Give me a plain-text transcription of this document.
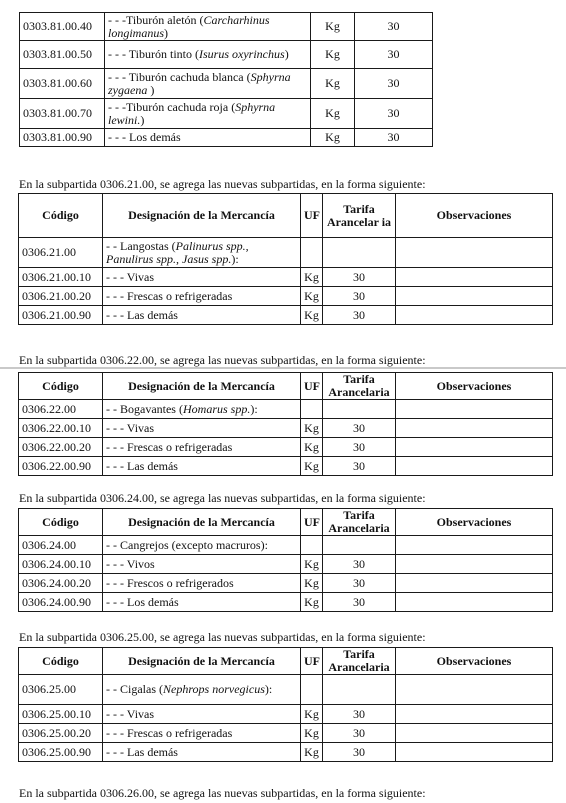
0303.81.00.40	- - -Tiburón aletón (Carcharhinus longimanus)	Kg	30
0303.81.00.50	- - - Tiburón tinto (Isurus oxyrinchus)	Kg	30
0303.81.00.60	- - - Tiburón cachuda blanca (Sphyrna zygaena )	Kg	30
0303.81.00.70	- - -Tiburón cachuda roja (Sphyrna lewini.)	Kg	30
0303.81.00.90	- - - Los demás	Kg	30
En la subpartida 0306.21.00, se agrega las nuevas subpartidas, en la forma siguiente:
Código	Designación de la Mercancía	UF	Tarifa Arancelar ia	Observaciones
0306.21.00	- - Langostas (Palinurus spp., Panulirus spp., Jasus spp.):			
0306.21.00.10	- - - Vivas	Kg	30	
0306.21.00.20	- - - Frescas o refrigeradas	Kg	30	
0306.21.00.90	- - - Las demás	Kg	30	
En la subpartida 0306.22.00, se agrega las nuevas subpartidas, en la forma siguiente:
Código	Designación de la Mercancía	UF	Tarifa Arancelaria	Observaciones
0306.22.00	- - Bogavantes (Homarus spp.):			
0306.22.00.10	- - - Vivas	Kg	30	
0306.22.00.20	- - - Frescas o refrigeradas	Kg	30	
0306.22.00.90	- - - Las demás	Kg	30	
En la subpartida 0306.24.00, se agrega las nuevas subpartidas, en la forma siguiente:
Código	Designación de la Mercancía	UF	Tarifa Arancelaria	Observaciones
0306.24.00	- - Cangrejos (excepto macruros):			
0306.24.00.10	- - - Vivos	Kg	30	
0306.24.00.20	- - - Frescos o refrigerados	Kg	30	
0306.24.00.90	- - - Los demás	Kg	30	
En la subpartida 0306.25.00, se agrega las nuevas subpartidas, en la forma siguiente:
Código	Designación de la Mercancía	UF	Tarifa Arancelaria	Observaciones
0306.25.00	- - Cigalas (Nephrops norvegicus):			
0306.25.00.10	- - - Vivas	Kg	30	
0306.25.00.20	- - - Frescas o refrigeradas	Kg	30	
0306.25.00.90	- - - Las demás	Kg	30	
En la subpartida 0306.26.00, se agrega las nuevas subpartidas, en la forma siguiente:
